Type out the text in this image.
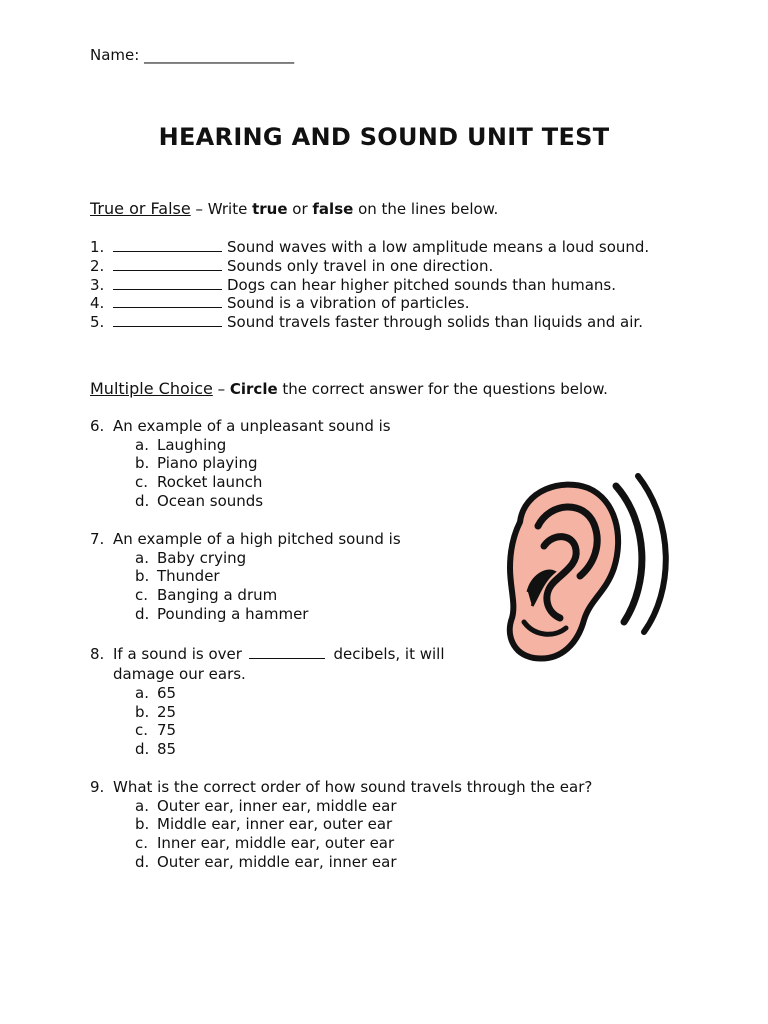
Name: ____________________
HEARING AND SOUND UNIT TEST
True or False – Write true or false on the lines below.
1.	Sound waves with a low amplitude means a loud sound.
2.	Sounds only travel in one direction.
3.	Dogs can hear higher pitched sounds than humans.
4.	Sound is a vibration of particles.
5.	Sound travels faster through solids than liquids and air.
Multiple Choice – Circle the correct answer for the questions below.
6. An example of a unpleasant sound is
a. Laughing
b. Piano playing
c. Rocket launch
d. Ocean sounds
7. An example of a high pitched sound is
a. Baby crying
b. Thunder
c. Banging a drum
d. Pounding a hammer
8. If a sound is over	decibels, it will damage our ears.
a. 65
b. 25
c. 75
d. 85
9. What is the correct order of how sound travels through the ear?
a. Outer ear, inner ear, middle ear
b. Middle ear, inner ear, outer ear
c. Inner ear, middle ear, outer ear
d. Outer ear, middle ear, inner ear
